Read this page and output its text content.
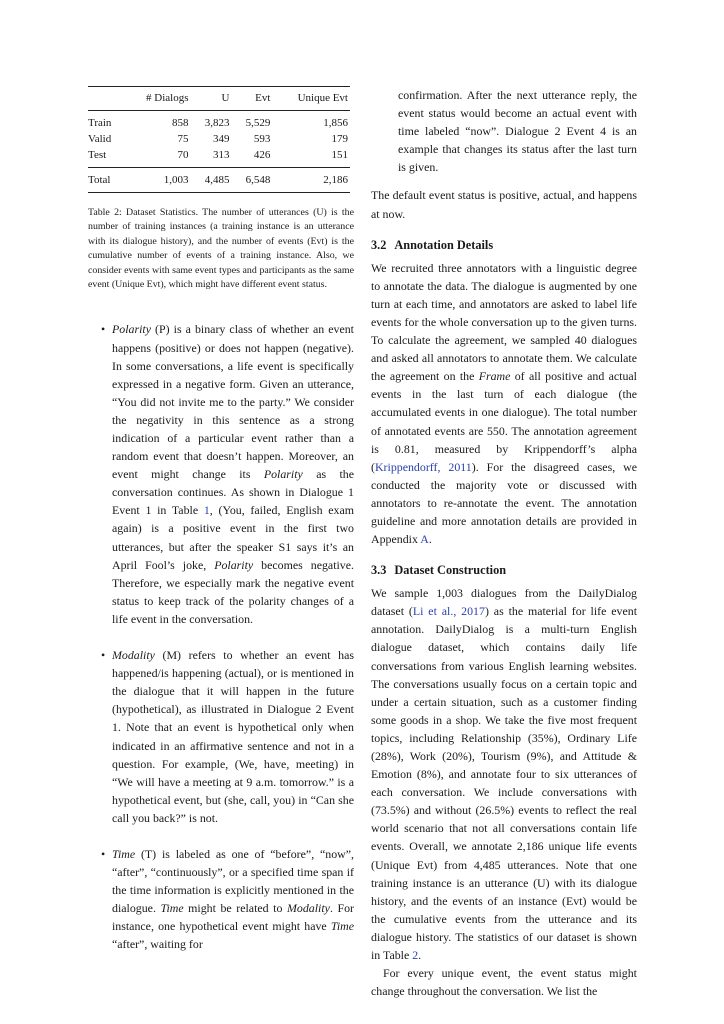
	# Dialogs	U	Evt	Unique Evt
Train	858	3,823	5,529	1,856
Valid	75	349	593	179
Test	70	313	426	151
Total	1,003	4,485	6,548	2,186

Table 2: Dataset Statistics. The number of utterances (U) is the number of training instances (a training instance is an utterance with its dialogue history), and the number of events (Evt) is the cumulative number of events of a training instance. Also, we consider events with same event types and participants as the same event (Unique Evt), which might have different event status.

• Polarity (P) is a binary class of whether an event happens (positive) or does not happen (negative). In some conversations, a life event is specifically expressed in a negative form. Given an utterance, “You did not invite me to the party.” We consider the negativity in this sentence as a strong indication of a particular event rather than a random event that doesn’t happen. Moreover, an event might change its Polarity as the conversation continues. As shown in Dialogue 1 Event 1 in Table 1, (You, failed, English exam again) is a positive event in the first two utterances, but after the speaker S1 says it’s an April Fool’s joke, Polarity becomes negative. Therefore, we especially mark the negative event status to keep track of the polarity changes of a life event in the conversation.

• Modality (M) refers to whether an event has happened/is happening (actual), or is mentioned in the dialogue that it will happen in the future (hypothetical), as illustrated in Dialogue 2 Event 1. Note that an event is hypothetical only when indicated in an affirmative sentence and not in a question. For example, (We, have, meeting) in “We will have a meeting at 9 a.m. tomorrow.” is a hypothetical event, but (she, call, you) in “Can she call you back?” is not.

• Time (T) is labeled as one of “before”, “now”, “after”, “continuously”, or a specified time span if the time information is explicitly mentioned in the dialogue. Time might be related to Modality. For instance, one hypothetical event might have Time “after”, waiting for

confirmation. After the next utterance reply, the event status would become an actual event with time labeled “now”. Dialogue 2 Event 4 is an example that changes its status after the last turn is given.

The default event status is positive, actual, and happens at now.

3.2 Annotation Details

We recruited three annotators with a linguistic degree to annotate the data. The dialogue is augmented by one turn at each time, and annotators are asked to label life events for the whole conversation up to the given turns. To calculate the agreement, we sampled 40 dialogues and asked all annotators to annotate them. We calculate the agreement on the Frame of all positive and actual events in the last turn of each dialogue (the accumulated events in one dialogue). The total number of annotated events are 550. The annotation agreement is 0.81, measured by Krippendorff’s alpha (Krippendorff, 2011). For the disagreed cases, we conducted the majority vote or discussed with annotators to re-annotate the event. The annotation guideline and more annotation details are provided in Appendix A.

3.3 Dataset Construction

We sample 1,003 dialogues from the DailyDialog dataset (Li et al., 2017) as the material for life event annotation. DailyDialog is a multi-turn English dialogue dataset, which contains daily life conversations from various English learning websites. The conversations usually focus on a certain topic and under a certain situation, such as a customer finding some goods in a shop. We take the five most frequent topics, including Relationship (35%), Ordinary Life (28%), Work (20%), Tourism (9%), and Attitude & Emotion (8%), and annotate four to six utterances of each conversation. We include conversations with (73.5%) and without (26.5%) events to reflect the real world scenario that not all conversations contain life events. Overall, we annotate 2,186 unique life events (Unique Evt) from 4,485 utterances. Note that one training instance is an utterance (U) with its dialogue history, and the events of an instance (Evt) would be the cumulative events from the utterance and its dialogue history. The statistics of our dataset is shown in Table 2.

For every unique event, the event status might change throughout the conversation. We list the
